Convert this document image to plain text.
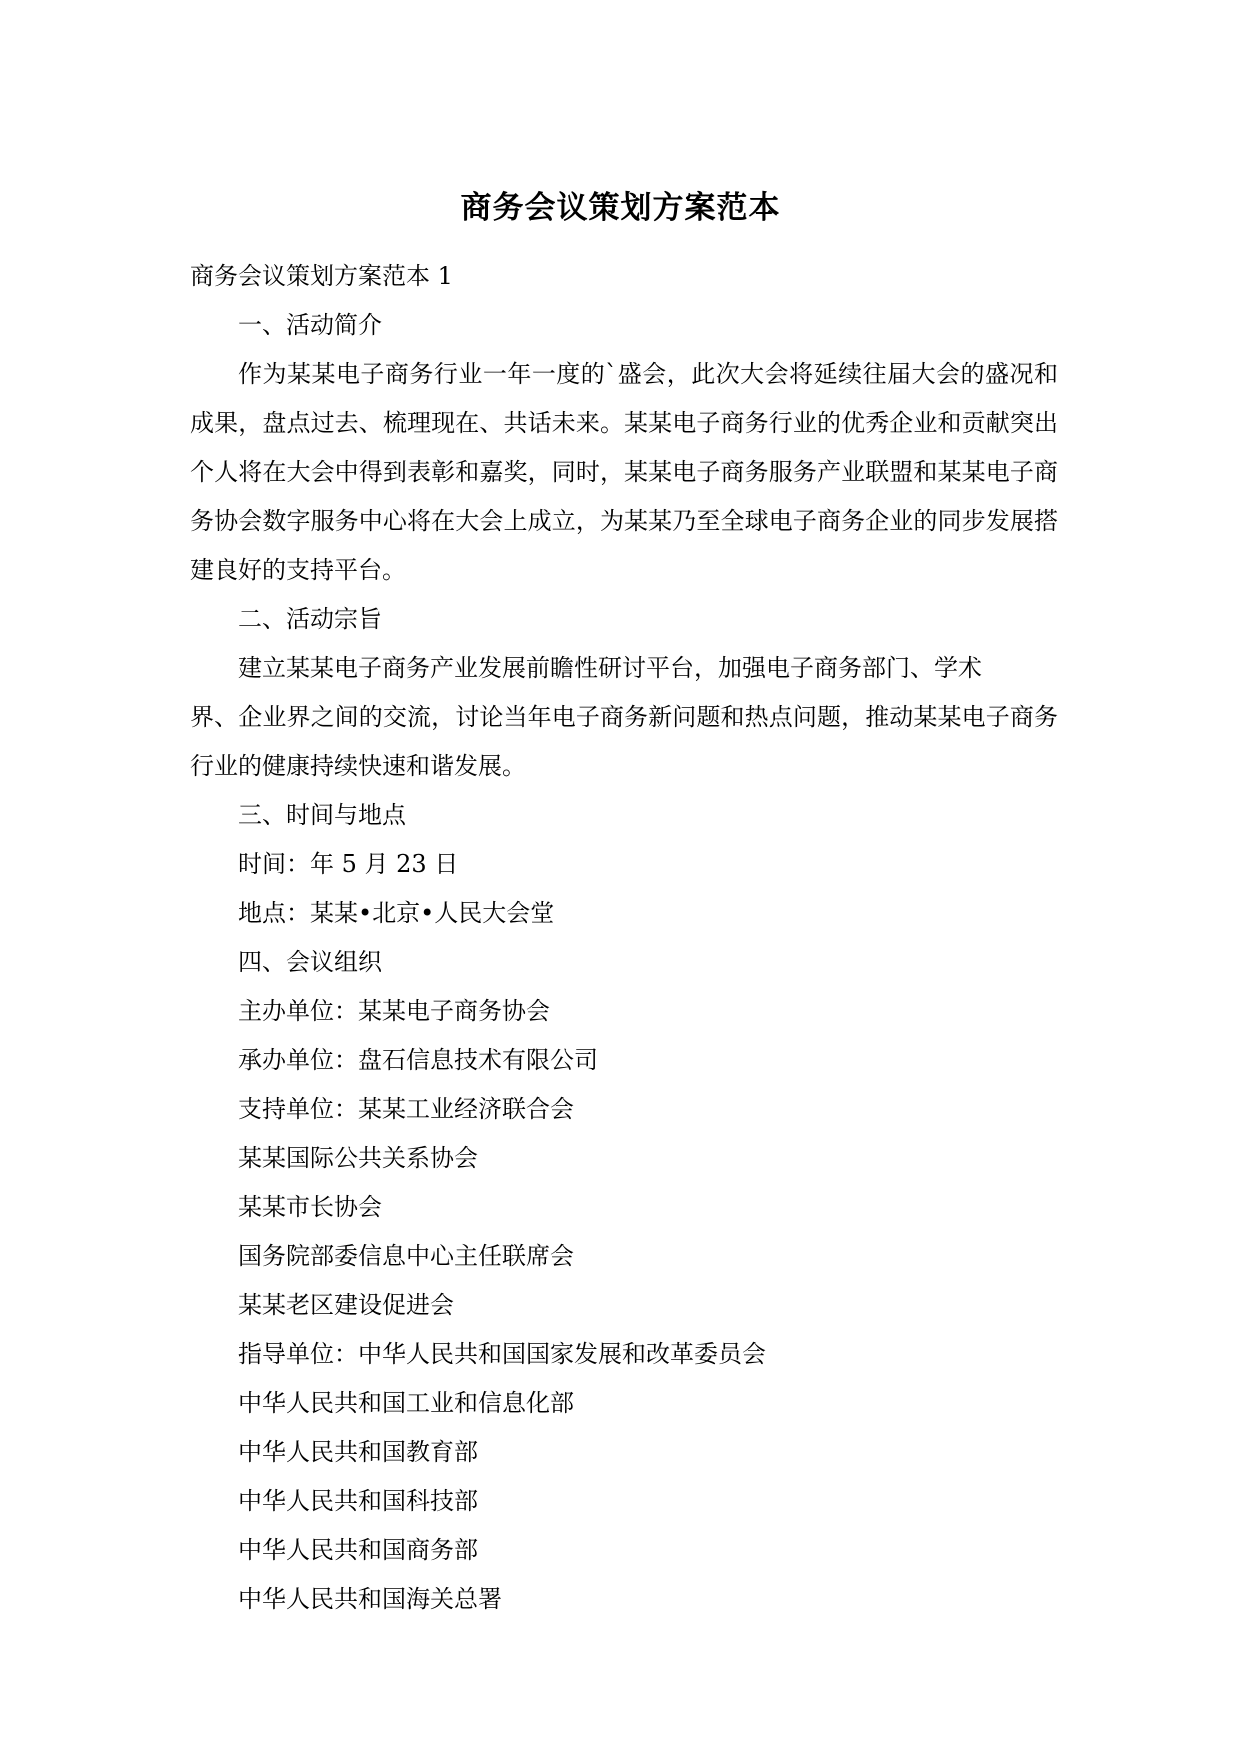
商务会议策划方案范本

商务会议策划方案范本 1

一、活动简介

作为某某电子商务行业一年一度的`盛会，此次大会将延续往届大会的盛况和成果，盘点过去、梳理现在、共话未来。某某电子商务行业的优秀企业和贡献突出个人将在大会中得到表彰和嘉奖，同时，某某电子商务服务产业联盟和某某电子商务协会数字服务中心将在大会上成立，为某某乃至全球电子商务企业的同步发展搭建良好的支持平台。

二、活动宗旨

建立某某电子商务产业发展前瞻性研讨平台，加强电子商务部门、学术

界、企业界之间的交流，讨论当年电子商务新问题和热点问题，推动某某电子商务行业的健康持续快速和谐发展。

三、时间与地点

时间：年 5 月 23 日

地点：某某•北京•人民大会堂

四、会议组织

主办单位：某某电子商务协会

承办单位：盘石信息技术有限公司

支持单位：某某工业经济联合会

某某国际公共关系协会

某某市长协会

国务院部委信息中心主任联席会

某某老区建设促进会

指导单位：中华人民共和国国家发展和改革委员会

中华人民共和国工业和信息化部

中华人民共和国教育部

中华人民共和国科技部

中华人民共和国商务部

中华人民共和国海关总署
